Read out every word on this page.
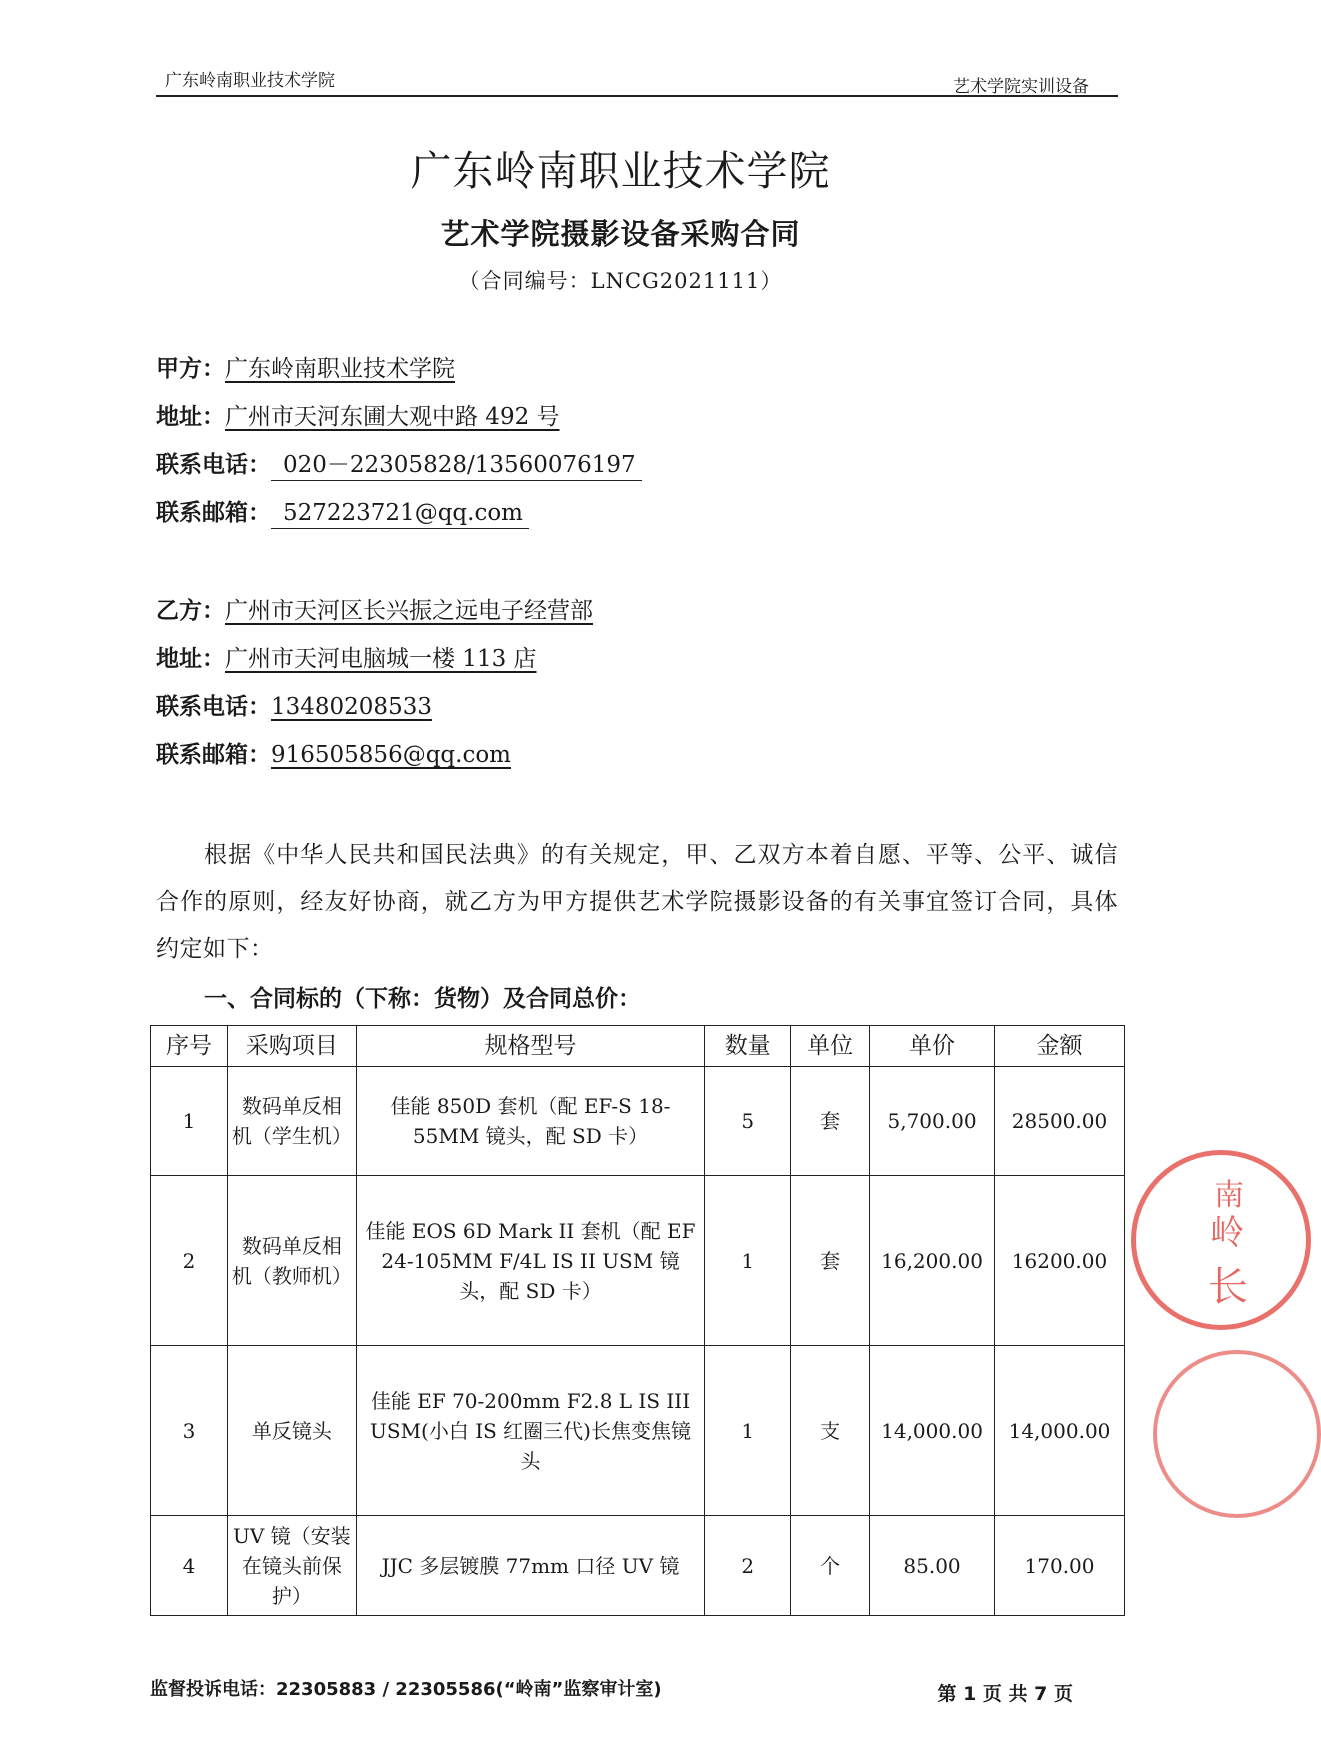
广东岭南职业技术学院	艺术学院实训设备
广东岭南职业技术学院
艺术学院摄影设备采购合同
（合同编号：LNCG2021111）
甲方：广东岭南职业技术学院
地址：广州市天河东圃大观中路 492 号
联系电话： 020－22305828/13560076197
联系邮箱： 527223721@qq.com
乙方：广州市天河区长兴振之远电子经营部
地址：广州市天河电脑城一楼 113 店
联系电话：13480208533
联系邮箱：916505856@qq.com
根据《中华人民共和国民法典》的有关规定，甲、乙双方本着自愿、平等、公平、诚信合作的原则，经友好协商，就乙方为甲方提供艺术学院摄影设备的有关事宜签订合同，具体约定如下：
一、合同标的（下称：货物）及合同总价：
序号	采购项目	规格型号	数量	单位	单价	金额
1	数码单反相机（学生机）	佳能 850D 套机（配 EF-S 18-55MM 镜头，配 SD 卡）	5	套	5,700.00	28500.00
2	数码单反相机（教师机）	佳能 EOS 6D Mark II 套机（配 EF 24-105MM F/4L IS II USM 镜头，配 SD 卡）	1	套	16,200.00	16200.00
3	单反镜头	佳能 EF 70-200mm F2.8 L IS III USM(小白 IS 红圈三代)长焦变焦镜头	1	支	14,000.00	14,000.00
4	UV 镜（安装在镜头前保护）	JJC 多层镀膜 77mm 口径 UV 镜	2	个	85.00	170.00
长
岭
南
监督投诉电话：22305883 / 22305586(“岭南”监察审计室)	第 1 页 共 7 页
